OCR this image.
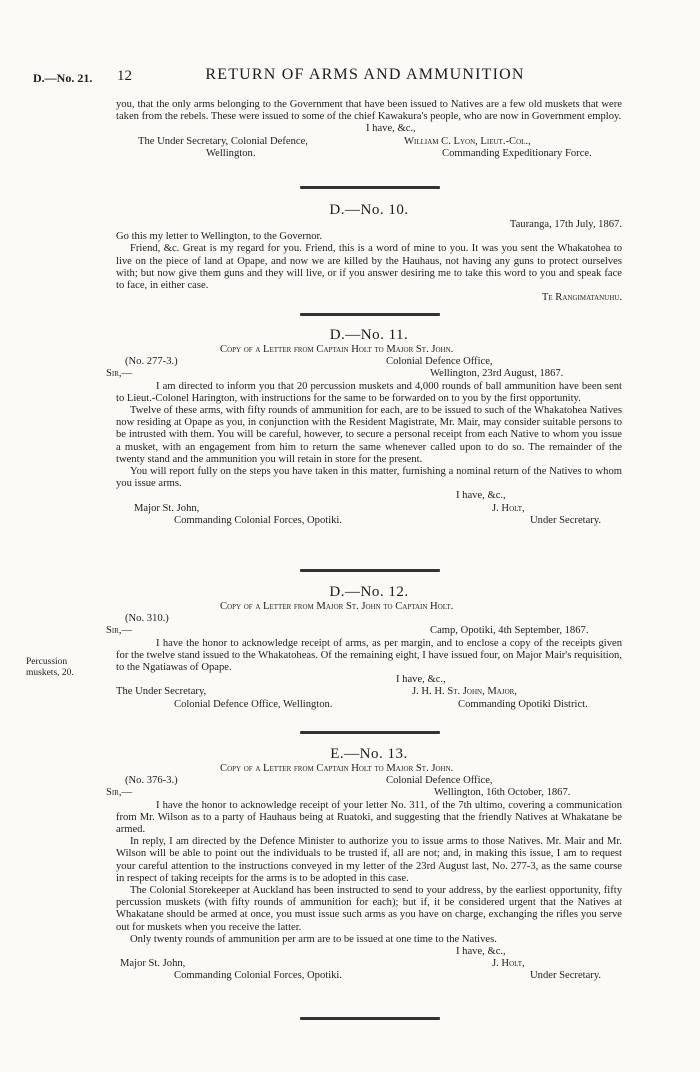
D.—No. 21. 12	RETURN OF ARMS AND AMMUNITION

you, that the only arms belonging to the Government that have been issued to Natives are a few old muskets that were taken from the rebels. These were issued to some of the chief Kawakura's people, who are now in Government employ.

I have, &c.,
The Under Secretary, Colonial Defence,	William C. Lyon, Lieut.-Col.,
Wellington.	Commanding Expeditionary Force.
D.—No. 10.
Tauranga, 17th July, 1867.

Go this my letter to Wellington, to the Governor.

Friend, &c. Great is my regard for you. Friend, this is a word of mine to you. It was you sent the Whakatohea to live on the piece of land at Opape, and now we are killed by the Hauhaus, not having any guns to protect ourselves with; but now give them guns and they will live, or if you answer desiring me to take this word to you and speak face to face, in either case.

Te Rangimatanuhu.
D.—No. 11.
Copy of a Letter from Captain Holt to Major St. John.
(No. 277-3.)	Colonial Defence Office,
Sir,—	Wellington, 23rd August, 1867.

I am directed to inform you that 20 percussion muskets and 4,000 rounds of ball ammunition have been sent to Lieut.-Colonel Harington, with instructions for the same to be forwarded on to you by the first opportunity.

Twelve of these arms, with fifty rounds of ammunition for each, are to be issued to such of the Whakatohea Natives now residing at Opape as you, in conjunction with the Resident Magistrate, Mr. Mair, may consider suitable persons to be intrusted with them. You will be careful, however, to secure a personal receipt from each Native to whom you issue a musket, with an engagement from him to return the same whenever called upon to do so. The remainder of the twenty stand and the ammunition you will retain in store for the present.

You will report fully on the steps you have taken in this matter, furnishing a nominal return of the Natives to whom you issue arms.

I have, &c.,
Major St. John,	J. Holt,
Commanding Colonial Forces, Opotiki.	Under Secretary.
D.—No. 12.
Copy of a Letter from Major St. John to Captain Holt.
(No. 310.)
Sir,—	Camp, Opotiki, 4th September, 1867.

I have the honor to acknowledge receipt of arms, as per margin, and to enclose a copy of the receipts given for the twelve stand issued to the Whakatoheas. Of the remaining eight, I have issued four, on Major Mair's requisition, to the Ngatiawas of Opape.

I have, &c.,
The Under Secretary,	J. H. H. St. John, Major,
Colonial Defence Office, Wellington.	Commanding Opotiki District.
Percussion
muskets, 20.
E.—No. 13.
Copy of a Letter from Captain Holt to Major St. John.
(No. 376-3.)	Colonial Defence Office,
Sir,—	Wellington, 16th October, 1867.

I have the honor to acknowledge receipt of your letter No. 311, of the 7th ultimo, covering a communication from Mr. Wilson as to a party of Hauhaus being at Ruatoki, and suggesting that the friendly Natives at Whakatane be armed.

In reply, I am directed by the Defence Minister to authorize you to issue arms to those Natives. Mr. Mair and Mr. Wilson will be able to point out the individuals to be trusted if, all are not; and, in making this issue, I am to request your careful attention to the instructions conveyed in my letter of the 23rd August last, No. 277-3, as the same course in respect of taking receipts for the arms is to be adopted in this case.

The Colonial Storekeeper at Auckland has been instructed to send to your address, by the earliest opportunity, fifty percussion muskets (with fifty rounds of ammunition for each); but if, it be considered urgent that the Natives at Whakatane should be armed at once, you must issue such arms as you have on charge, exchanging the rifles you serve out for muskets when you receive the latter.

Only twenty rounds of ammunition per arm are to be issued at one time to the Natives.

I have, &c.,
Major St. John,	J. Holt,
Commanding Colonial Forces, Opotiki.	Under Secretary.
